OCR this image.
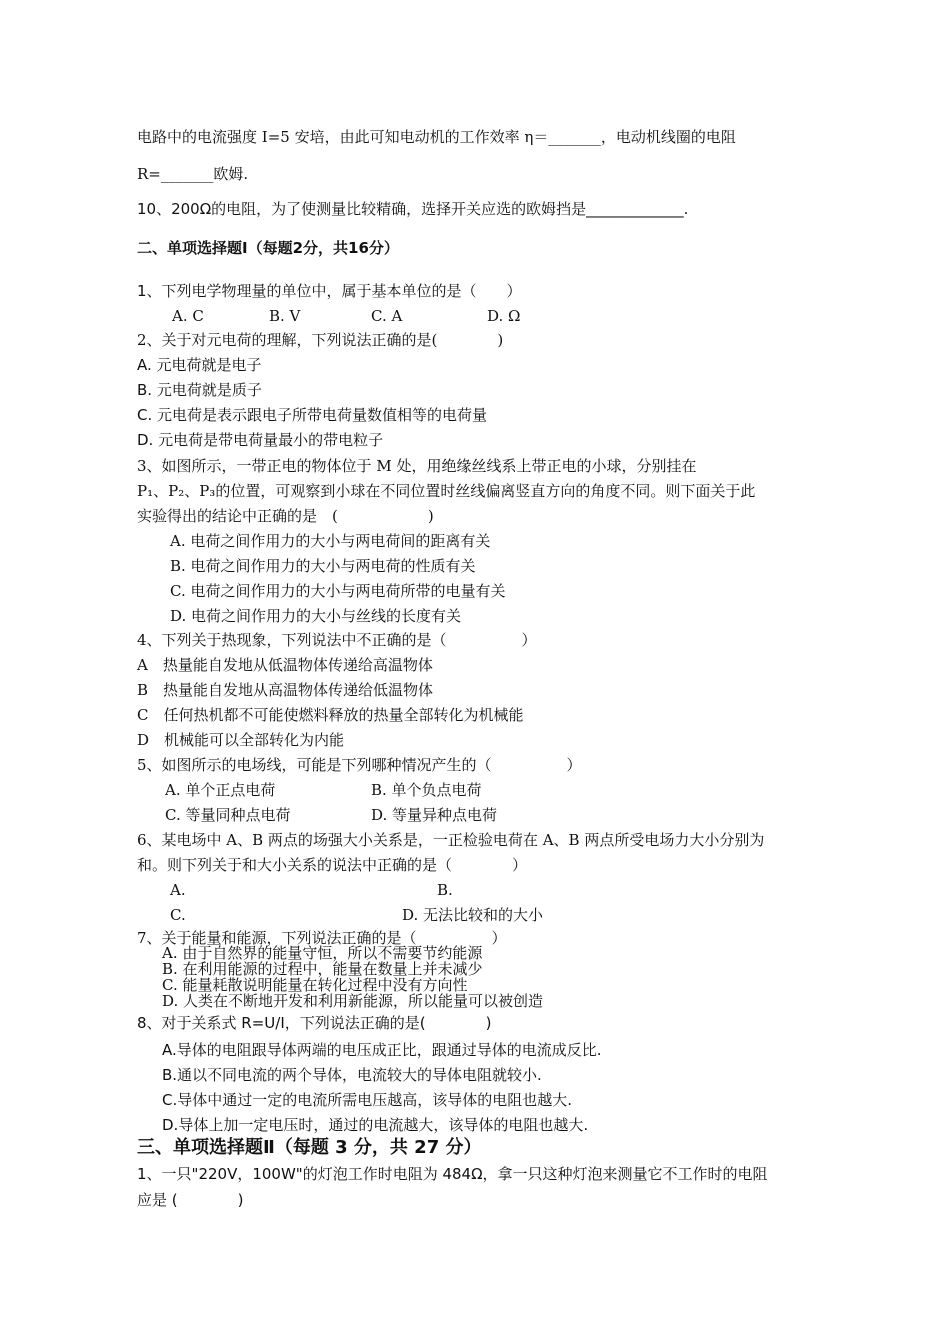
电路中的电流强度 I=5 安培，由此可知电动机的工作效率 η＝_______，电动机线圈的电阻
R=_______欧姆.
10、200Ω的电阻，为了使测量比较精确，选择开关应选的欧姆挡是_____________.
二、单项选择题Ⅰ（每题2分，共16分）
1、下列电学物理量的单位中，属于基本单位的是（　　）
A. C	B. V	C. A	D. Ω
2、关于对元电荷的理解，下列说法正确的是(　　　　)
A. 元电荷就是电子
B. 元电荷就是质子
C. 元电荷是表示跟电子所带电荷量数值相等的电荷量
D. 元电荷是带电荷量最小的带电粒子
3、如图所示，一带正电的物体位于 M 处，用绝缘丝线系上带正电的小球，分别挂在
P₁、P₂、P₃的位置，可观察到小球在不同位置时丝线偏离竖直方向的角度不同。则下面关于此
实验得出的结论中正确的是　(　　　　　　)
A. 电荷之间作用力的大小与两电荷间的距离有关
B. 电荷之间作用力的大小与两电荷的性质有关
C. 电荷之间作用力的大小与两电荷所带的电量有关
D. 电荷之间作用力的大小与丝线的长度有关
4、下列关于热现象，下列说法中不正确的是（　　　　　）
A　热量能自发地从低温物体传递给高温物体
B　热量能自发地从高温物体传递给低温物体
C　任何热机都不可能使燃料释放的热量全部转化为机械能
D　机械能可以全部转化为内能
5、如图所示的电场线，可能是下列哪种情况产生的（　　　　　）
A. 单个正点电荷	B. 单个负点电荷
C. 等量同种点电荷	D. 等量异种点电荷
6、某电场中 A、B 两点的场强大小关系是，一正检验电荷在 A、B 两点所受电场力大小分别为
和。则下列关于和大小关系的说法中正确的是（　　　　）
A.	B.
C.	D. 无法比较和的大小
7、关于能量和能源，下列说法正确的是（　　　　　）
A. 由于自然界的能量守恒，所以不需要节约能源
B. 在利用能源的过程中，能量在数量上并未减少
C. 能量耗散说明能量在转化过程中没有方向性
D. 人类在不断地开发和利用新能源，所以能量可以被创造
8、对于关系式 R=U/I，下列说法正确的是(　　　　)
A.导体的电阻跟导体两端的电压成正比，跟通过导体的电流成反比.
B.通以不同电流的两个导体，电流较大的导体电阻就较小.
C.导体中通过一定的电流所需电压越高，该导体的电阻也越大.
D.导体上加一定电压时，通过的电流越大，该导体的电阻也越大.
三、单项选择题Ⅱ（每题 3 分，共 27 分）
1、一只"220V，100W"的灯泡工作时电阻为 484Ω，拿一只这种灯泡来测量它不工作时的电阻
应是 (　　　　)
